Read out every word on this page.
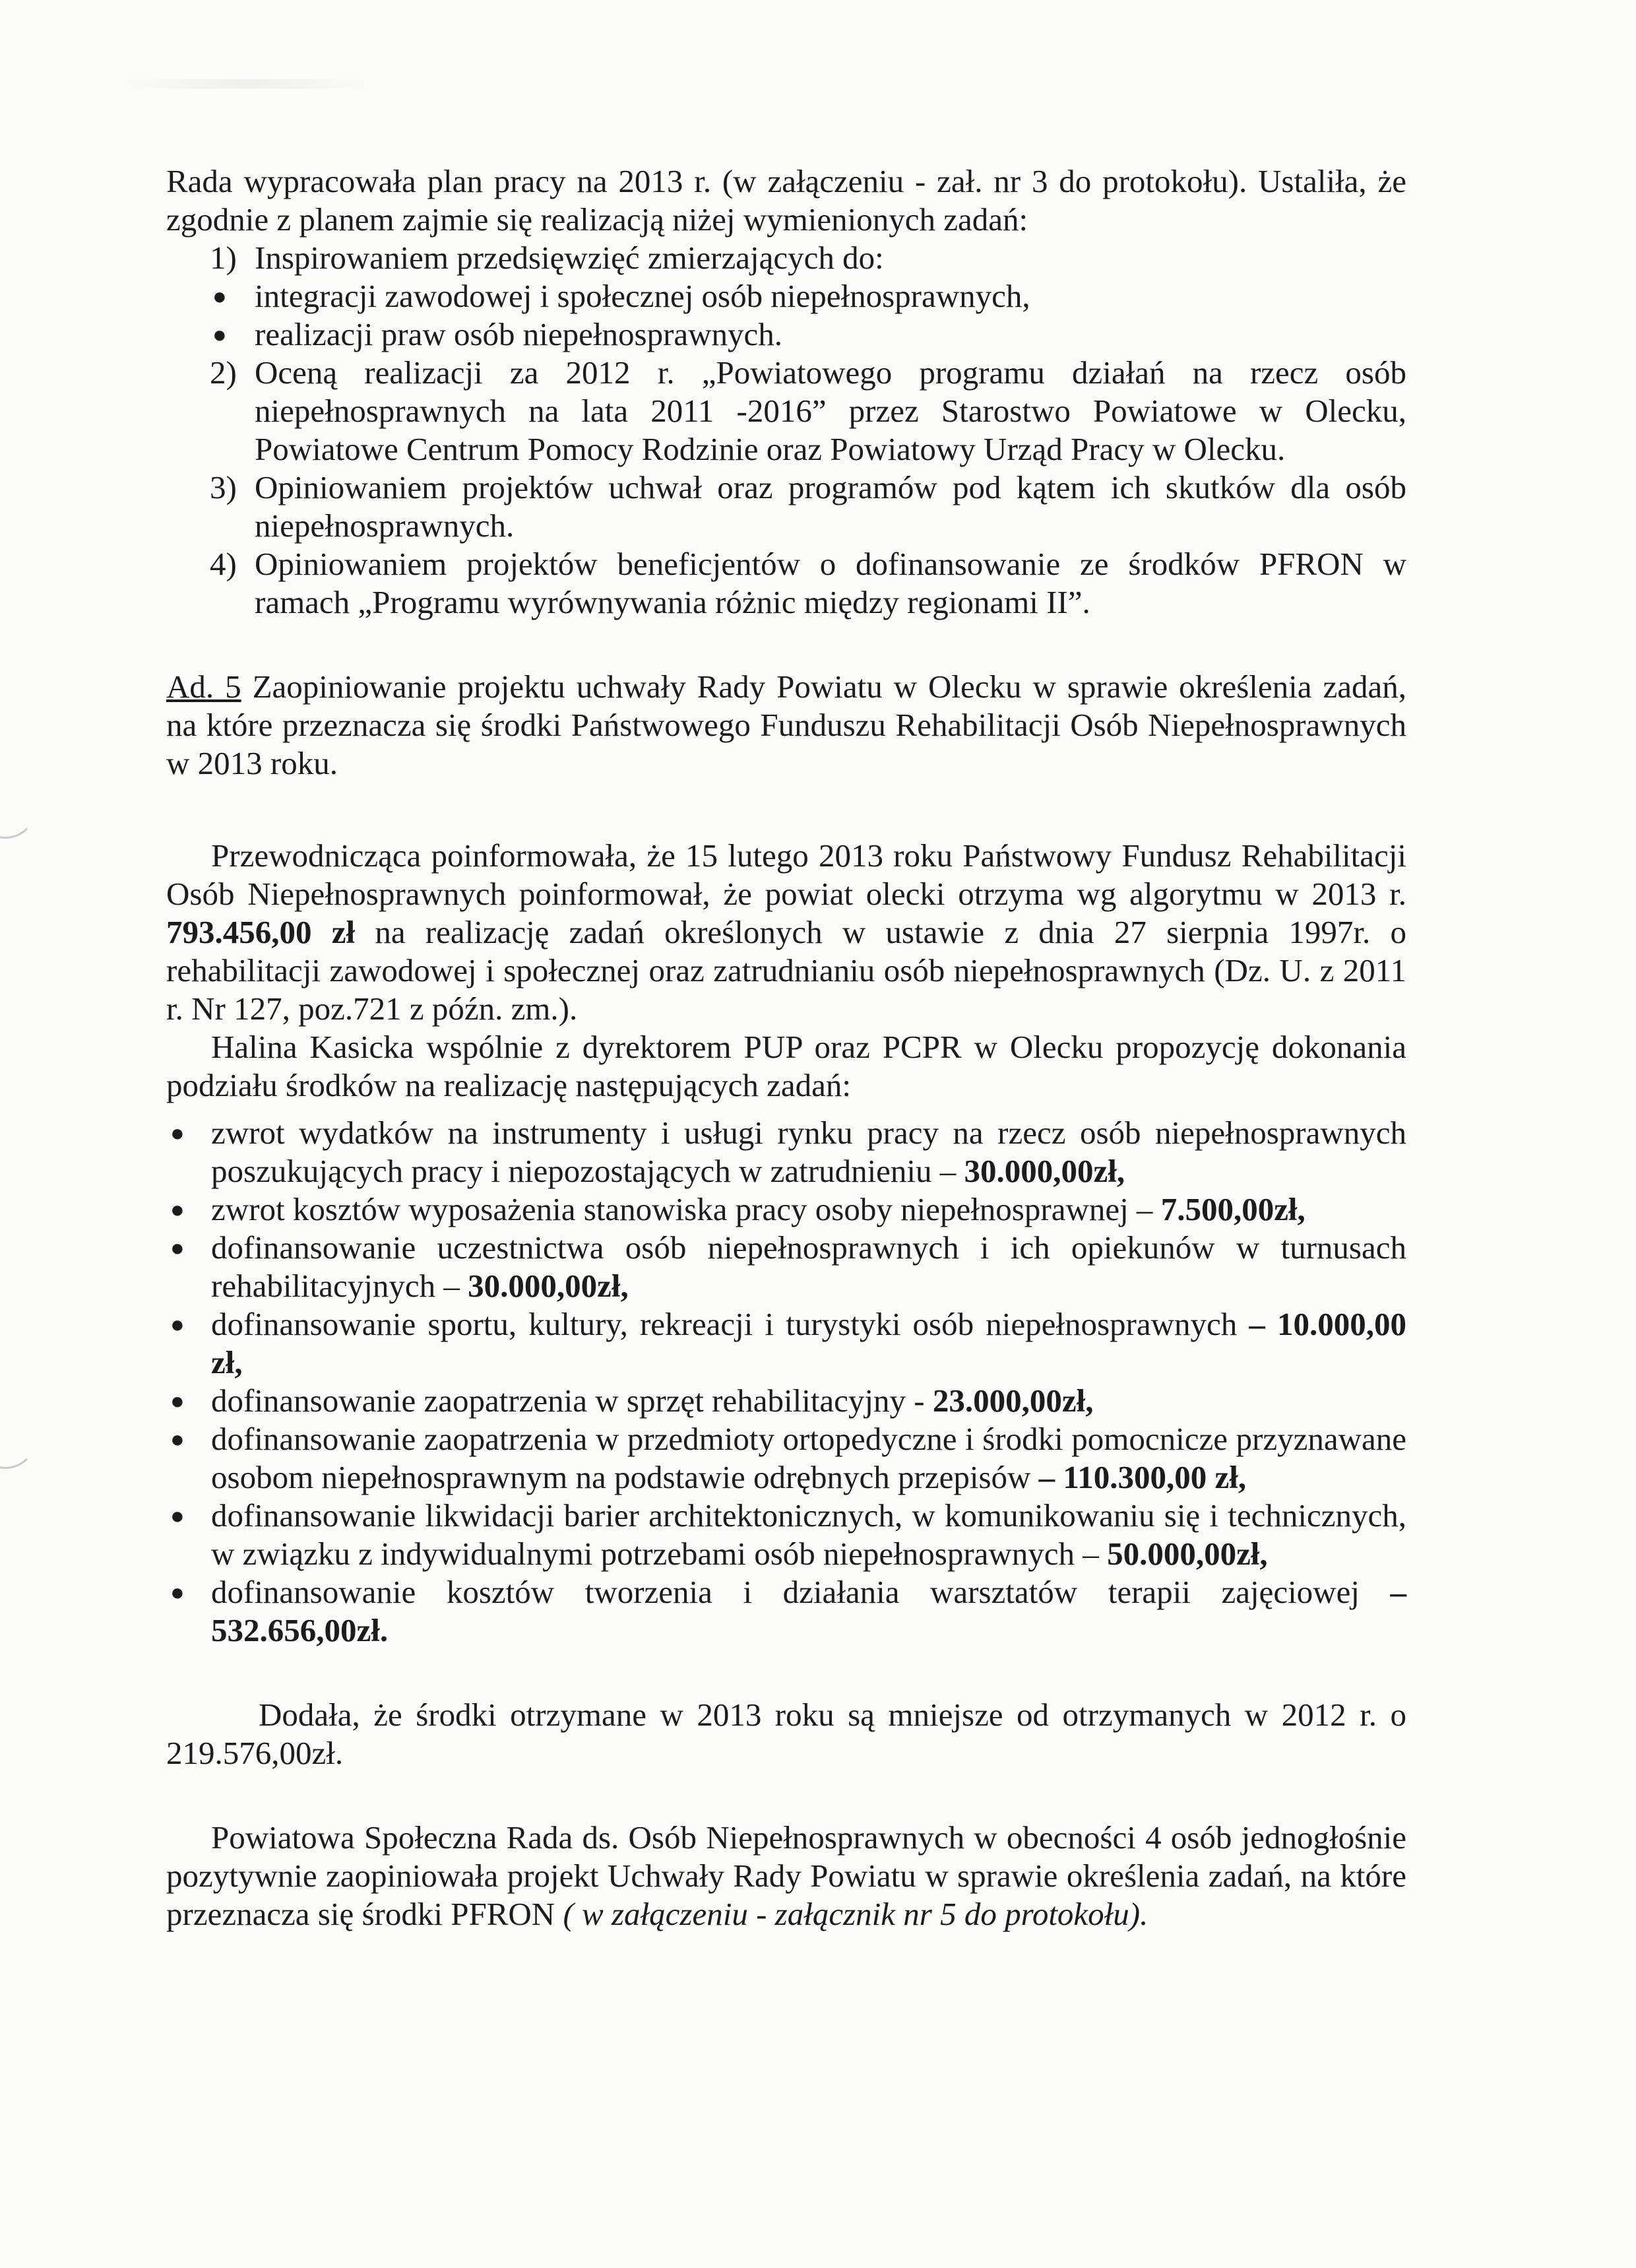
Rada wypracowała plan pracy na 2013 r. (w załączeniu - zał. nr 3 do protokołu). Ustaliła, że zgodnie z planem zajmie się realizacją niżej wymienionych zadań:

1) Inspirowaniem przedsięwzięć zmierzających do:
● integracji zawodowej i społecznej osób niepełnosprawnych,
● realizacji praw osób niepełnosprawnych.
2) Oceną realizacji za 2012 r. „Powiatowego programu działań na rzecz osób niepełnosprawnych na lata 2011 -2016” przez Starostwo Powiatowe w Olecku, Powiatowe Centrum Pomocy Rodzinie oraz Powiatowy Urząd Pracy w Olecku.
3) Opiniowaniem projektów uchwał oraz programów pod kątem ich skutków dla osób niepełnosprawnych.
4) Opiniowaniem projektów beneficjentów o dofinansowanie ze środków PFRON w ramach „Programu wyrównywania różnic między regionami II”.

Ad. 5 Zaopiniowanie projektu uchwały Rady Powiatu w Olecku w sprawie określenia zadań, na które przeznacza się środki Państwowego Funduszu Rehabilitacji Osób Niepełnosprawnych w 2013 roku.

Przewodnicząca poinformowała, że 15 lutego 2013 roku Państwowy Fundusz Rehabilitacji Osób Niepełnosprawnych poinformował, że powiat olecki otrzyma wg algorytmu w 2013 r. 793.456,00 zł na realizację zadań określonych w ustawie z dnia 27 sierpnia 1997r. o rehabilitacji zawodowej i społecznej oraz zatrudnianiu osób niepełnosprawnych (Dz. U. z 2011 r. Nr 127, poz.721 z późn. zm.).

Halina Kasicka wspólnie z dyrektorem PUP oraz PCPR w Olecku propozycję dokonania podziału środków na realizację następujących zadań:

● zwrot wydatków na instrumenty i usługi rynku pracy na rzecz osób niepełnosprawnych poszukujących pracy i niepozostających w zatrudnieniu – 30.000,00zł,
● zwrot kosztów wyposażenia stanowiska pracy osoby niepełnosprawnej – 7.500,00zł,
● dofinansowanie uczestnictwa osób niepełnosprawnych i ich opiekunów w turnusach rehabilitacyjnych – 30.000,00zł,
● dofinansowanie sportu, kultury, rekreacji i turystyki osób niepełnosprawnych – 10.000,00 zł,
● dofinansowanie zaopatrzenia w sprzęt rehabilitacyjny - 23.000,00zł,
● dofinansowanie zaopatrzenia w przedmioty ortopedyczne i środki pomocnicze przyznawane osobom niepełnosprawnym na podstawie odrębnych przepisów – 110.300,00 zł,
● dofinansowanie likwidacji barier architektonicznych, w komunikowaniu się i technicznych, w związku z indywidualnymi potrzebami osób niepełnosprawnych – 50.000,00zł,
● dofinansowanie kosztów tworzenia i działania warsztatów terapii zajęciowej – 532.656,00zł.

Dodała, że środki otrzymane w 2013 roku są mniejsze od otrzymanych w 2012 r. o 219.576,00zł.

Powiatowa Społeczna Rada ds. Osób Niepełnosprawnych w obecności 4 osób jednogłośnie pozytywnie zaopiniowała projekt Uchwały Rady Powiatu w sprawie określenia zadań, na które przeznacza się środki PFRON ( w załączeniu - załącznik nr 5 do protokołu).
